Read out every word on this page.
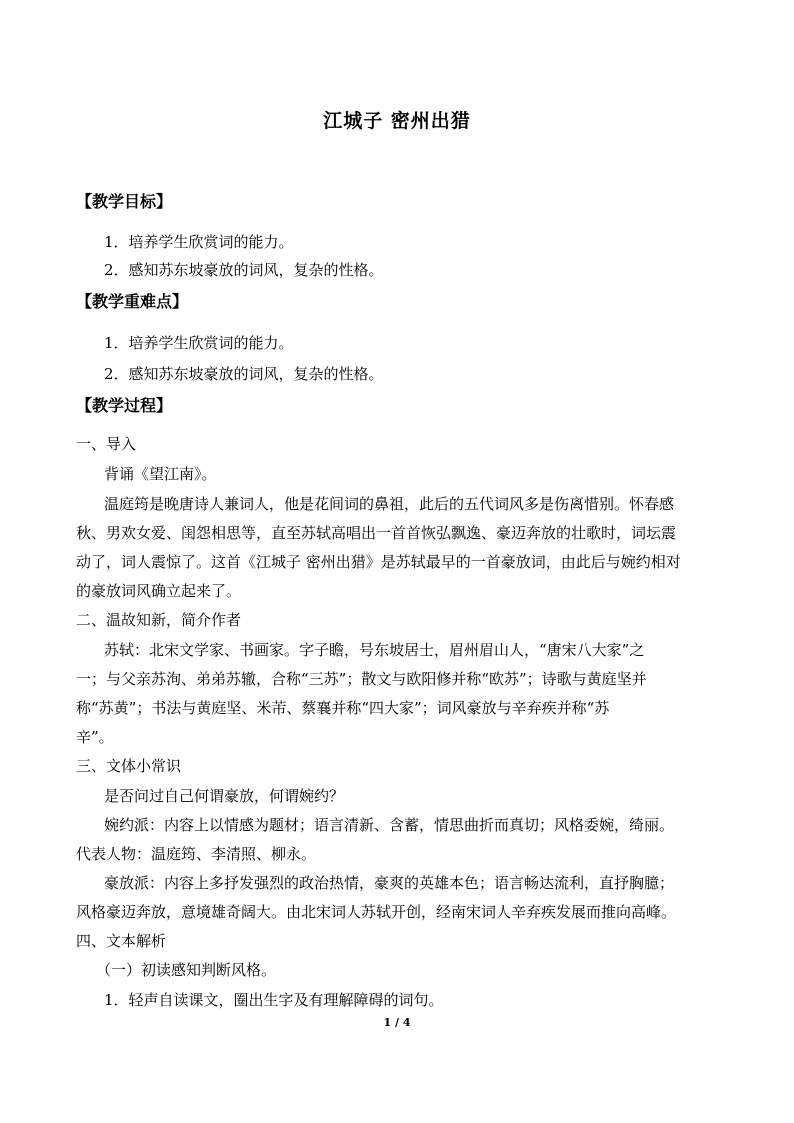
江城子 密州出猎
【教学目标】
1．培养学生欣赏词的能力。
2．感知苏东坡豪放的词风，复杂的性格。
【教学重难点】
1．培养学生欣赏词的能力。
2．感知苏东坡豪放的词风，复杂的性格。
【教学过程】
一、导入
背诵《望江南》。
温庭筠是晚唐诗人兼词人，他是花间词的鼻祖，此后的五代词风多是伤离惜别。怀春感
秋、男欢女爱、闺怨相思等，直至苏轼高唱出一首首恢弘飘逸、豪迈奔放的壮歌时，词坛震
动了，词人震惊了。这首《江城子 密州出猎》是苏轼最早的一首豪放词，由此后与婉约相对
的豪放词风确立起来了。
二、温故知新，简介作者
苏轼：北宋文学家、书画家。字子瞻，号东坡居士，眉州眉山人，“唐宋八大家”之
一；与父亲苏洵、弟弟苏辙，合称“三苏”；散文与欧阳修并称“欧苏”；诗歌与黄庭坚并
称“苏黄”；书法与黄庭坚、米芾、蔡襄并称“四大家”；词风豪放与辛弃疾并称“苏
辛”。
三、文体小常识
是否问过自己何谓豪放，何谓婉约？
婉约派：内容上以情感为题材；语言清新、含蓄，情思曲折而真切；风格委婉，绮丽。
代表人物：温庭筠、李清照、柳永。
豪放派：内容上多抒发强烈的政治热情，豪爽的英雄本色；语言畅达流利，直抒胸臆；
风格豪迈奔放，意境雄奇阔大。由北宋词人苏轼开创，经南宋词人辛弃疾发展而推向高峰。
四、文本解析
（一）初读感知判断风格。
1．轻声自读课文，圈出生字及有理解障碍的词句。
1 / 4
